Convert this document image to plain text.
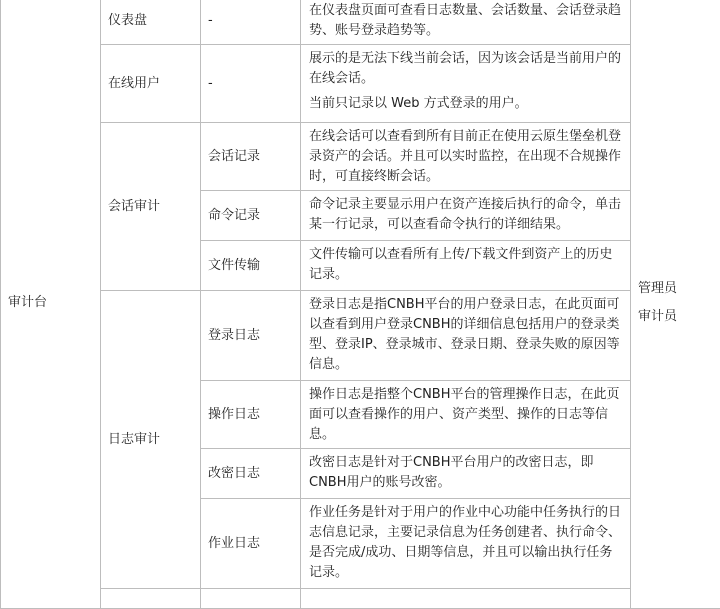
审计台	仪表盘	-	在仪表盘页面可查看日志数量、会话数量、会话登录趋势、账号登录趋势等。	管理员
审计员

	在线用户	-	展示的是无法下线当前会话，因为该会话是当前用户的在线会话。

当前只记录以 Web 方式登录的用户。	

	会话审计	会话记录	在线会话可以查看到所有目前正在使用云原生堡垒机登录资产的会话。并且可以实时监控，在出现不合规操作时，可直接终断会话。	

		命令记录	命令记录主要显示用户在资产连接后执行的命令，单击某一行记录，可以查看命令执行的详细结果。	

		文件传输	文件传输可以查看所有上传/下载文件到资产上的历史记录。	

	日志审计	登录日志	登录日志是指CNBH平台的用户登录日志，在此页面可以查看到用户登录CNBH的详细信息包括用户的登录类型、登录IP、登录城市、登录日期、登录失败的原因等信息。	

		操作日志	操作日志是指整个CNBH平台的管理操作日志，在此页面可以查看操作的用户、资产类型、操作的日志等信息。	

		改密日志	改密日志是针对于CNBH平台用户的改密日志，即CNBH用户的账号改密。	

		作业日志	作业任务是针对于用户的作业中心功能中任务执行的日志信息记录，主要记录信息为任务创建者、执行命令、是否完成/成功、日期等信息，并且可以输出执行任务记录。	
